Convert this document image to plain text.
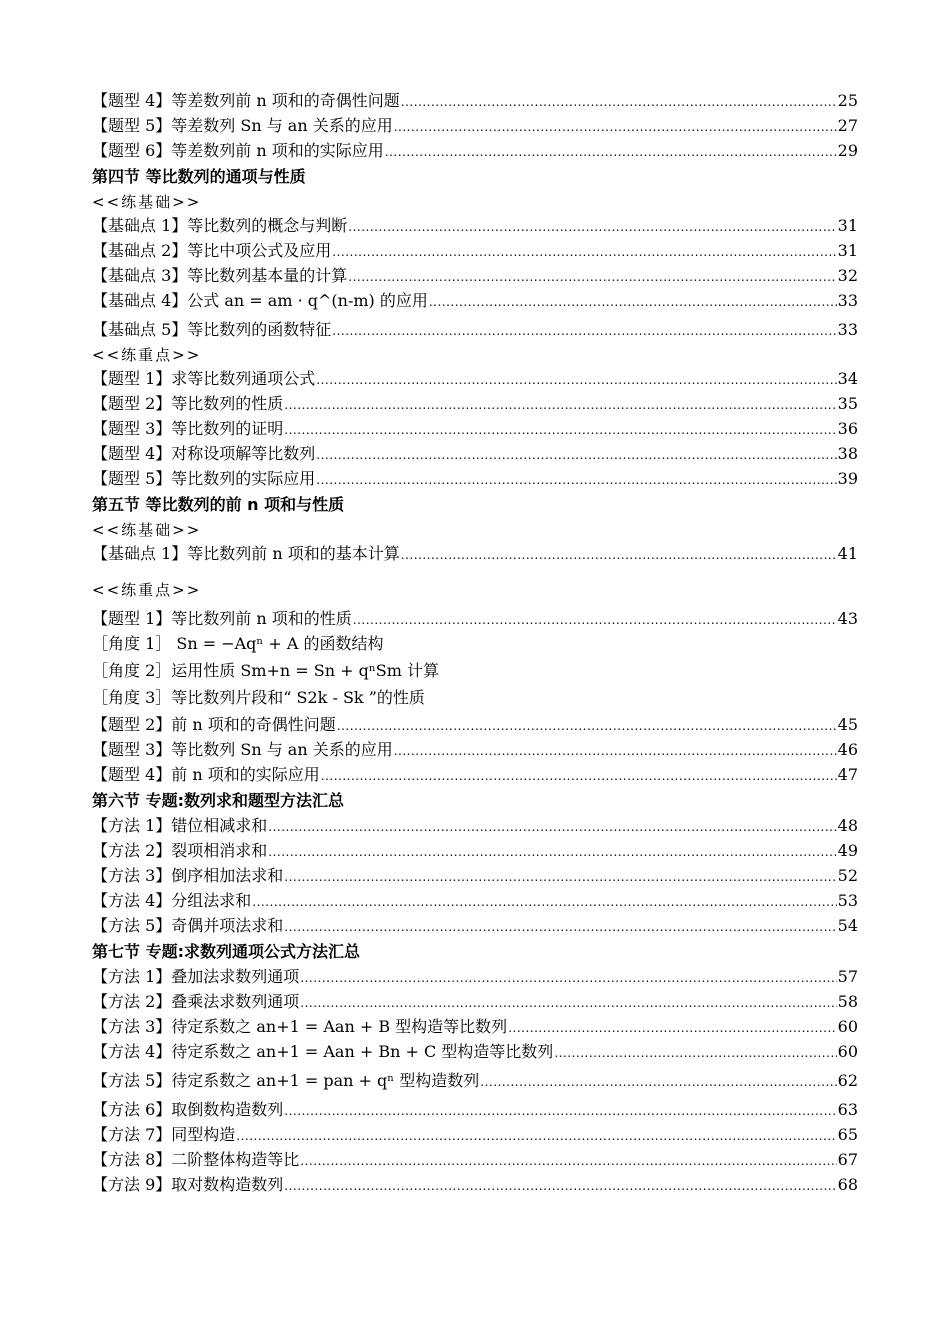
【题型 4】等差数列前 n 项和的奇偶性问题 .....	25
【题型 5】等差数列 Sn 与 an 关系的应用 .....	27
【题型 6】等差数列前 n 项和的实际应用 .....	29
第四节 等比数列的通项与性质
<<练基础>>
【基础点 1】等比数列的概念与判断 .....	31
【基础点 2】等比中项公式及应用 .....	31
【基础点 3】等比数列基本量的计算 .....	32
【基础点 4】公式 an = am · q^(n-m) 的应用 .....	33
【基础点 5】等比数列的函数特征 .....	33
<<练重点>>
【题型 1】求等比数列通项公式 .....	34
【题型 2】等比数列的性质 .....	35
【题型 3】等比数列的证明 .....	36
【题型 4】对称设项解等比数列 .....	38
【题型 5】等比数列的实际应用 .....	39
第五节 等比数列的前 n 项和与性质
<<练基础>>
【基础点 1】等比数列前 n 项和的基本计算 .....	41
<<练重点>>
【题型 1】等比数列前 n 项和的性质 .....	43
［角度 1］ Sn = −Aqⁿ + A 的函数结构
［角度 2］运用性质 Sm+n = Sn + qⁿSm 计算
［角度 3］等比数列片段和“ S2k - Sk ”的性质
【题型 2】前 n 项和的奇偶性问题 .....	45
【题型 3】等比数列 Sn 与 an 关系的应用 .....	46
【题型 4】前 n 项和的实际应用 .....	47
第六节 专题:数列求和题型方法汇总
【方法 1】错位相减求和 .....	48
【方法 2】裂项相消求和 .....	49
【方法 3】倒序相加法求和 .....	52
【方法 4】分组法求和 .....	53
【方法 5】奇偶并项法求和 .....	54
第七节 专题:求数列通项公式方法汇总
【方法 1】叠加法求数列通项 .....	57
【方法 2】叠乘法求数列通项 .....	58
【方法 3】待定系数之 an+1 = Aan + B 型构造等比数列 .....	60
【方法 4】待定系数之 an+1 = Aan + Bn + C 型构造等比数列 .....	60
【方法 5】待定系数之 an+1 = pan + qⁿ 型构造数列 .....	62
【方法 6】取倒数构造数列 .....	63
【方法 7】同型构造 .....	65
【方法 8】二阶整体构造等比 .....	67
【方法 9】取对数构造数列 .....	68
